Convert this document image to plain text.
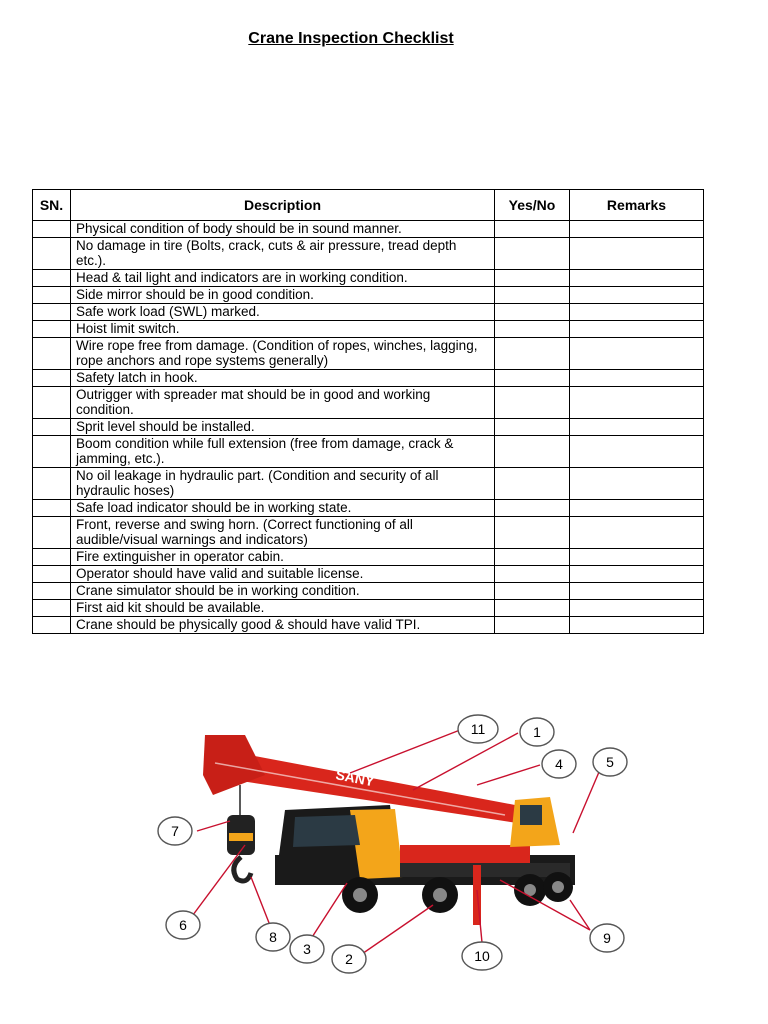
Crane Inspection Checklist
SN.	Description	Yes/No	Remarks
	Physical condition of body should be in sound manner.		
	No damage in tire (Bolts, crack, cuts & air pressure, tread depth etc.).		
	Head & tail light and indicators are in working condition.		
	Side mirror should be in good condition.		
	Safe work load (SWL) marked.		
	Hoist limit switch.		
	Wire rope free from damage. (Condition of ropes, winches, lagging, rope anchors and rope systems generally)		
	Safety latch in hook.		
	Outrigger with spreader mat should be in good and working condition.		
	Sprit level should be installed.		
	Boom condition while full extension (free from damage, crack & jamming, etc.).		
	No oil leakage in hydraulic part. (Condition and security of all hydraulic hoses)		
	Safe load indicator should be in working state.		
	Front, reverse and swing horn. (Correct functioning of all audible/visual warnings and indicators)		
	Fire extinguisher in operator cabin.		
	Operator should have valid and suitable license.		
	Crane simulator should be in working condition.		
	First aid kit should be available.		
	Crane should be physically good & should have valid TPI.		
SANY
11	1
4	5
7
6
8
3
2	10
9
